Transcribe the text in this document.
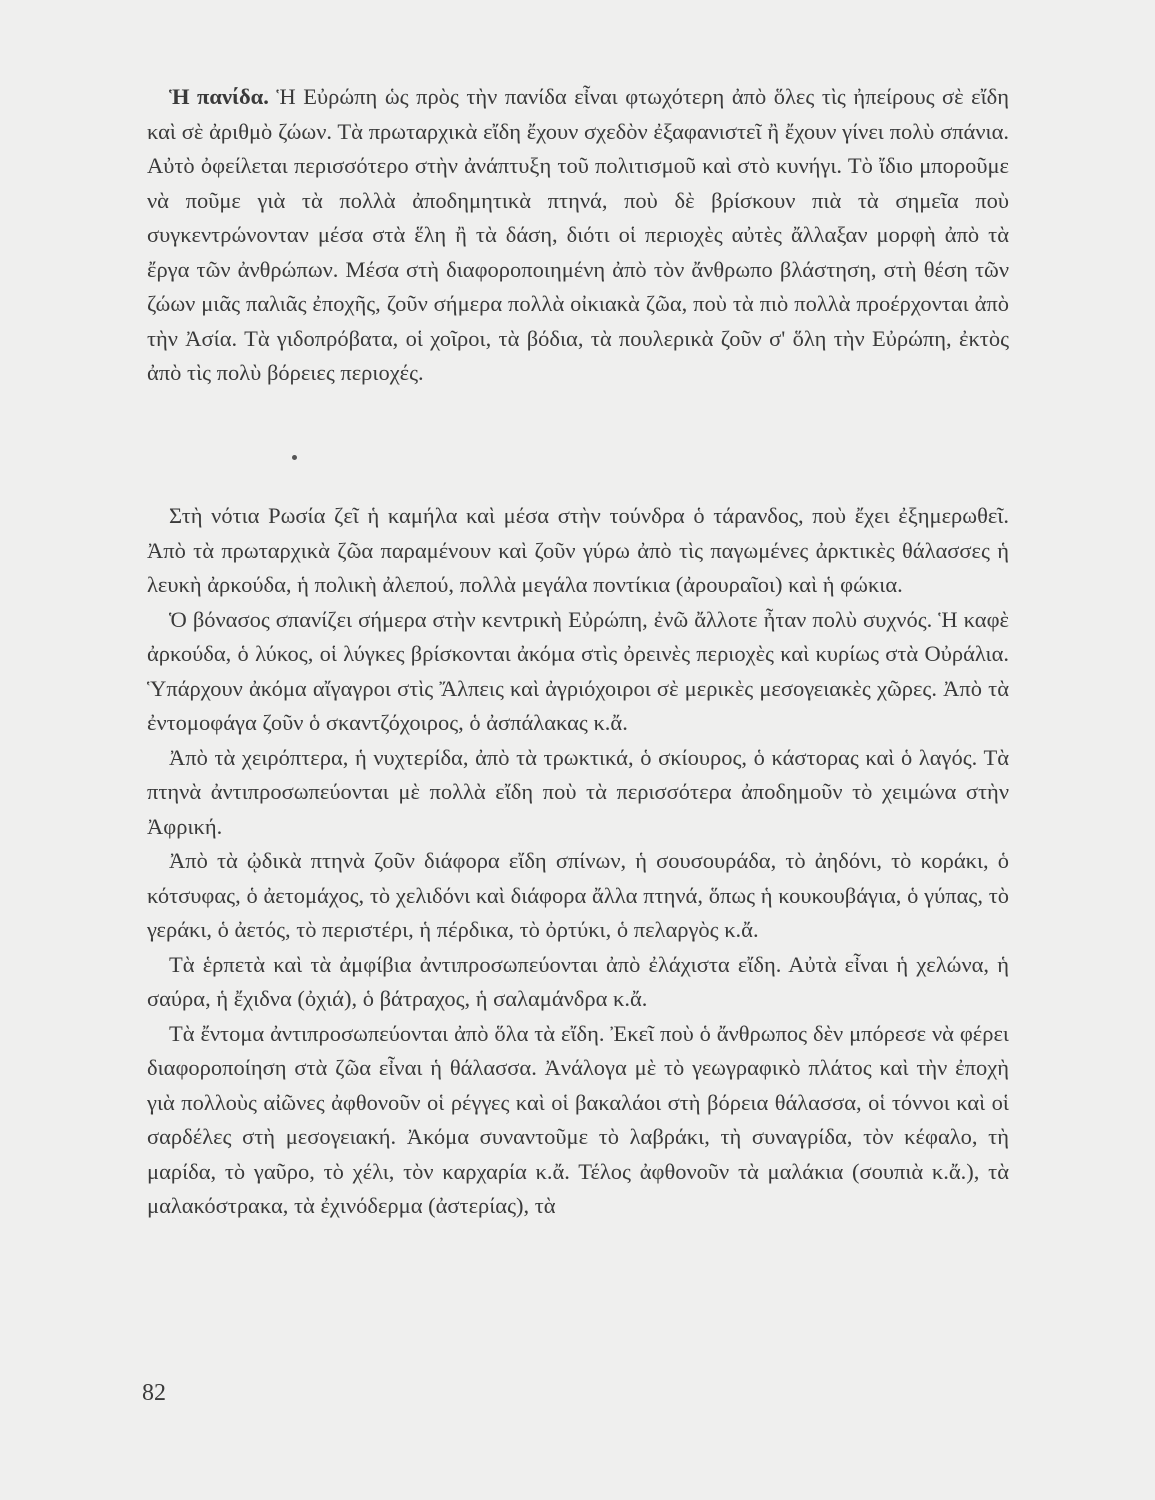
Ἡ πανίδα. Ἡ Εὐρώπη ὡς πρὸς τὴν πανίδα εἶναι φτωχότερη ἀπὸ ὅλες τὶς ἠπείρους σὲ εἴδη καὶ σὲ ἀριθμὸ ζώων. Τὰ πρωταρχικὰ εἴδη ἔχουν σχεδὸν ἐξαφανιστεῖ ἢ ἔχουν γίνει πολὺ σπάνια. Αὐτὸ ὀφείλεται περισσότερο στὴν ἀνάπτυξη τοῦ πολιτισμοῦ καὶ στὸ κυνήγι. Τὸ ἴδιο μποροῦμε νὰ ποῦμε γιὰ τὰ πολλὰ ἀποδημητικὰ πτηνά, ποὺ δὲ βρίσκουν πιὰ τὰ σημεῖα ποὺ συγκεντρώνονταν μέσα στὰ ἕλη ἢ τὰ δάση, διότι οἱ περιοχὲς αὐτὲς ἄλλαξαν μορφὴ ἀπὸ τὰ ἔργα τῶν ἀνθρώπων. Μέσα στὴ διαφοροποιημένη ἀπὸ τὸν ἄνθρωπο βλάστηση, στὴ θέση τῶν ζώων μιᾶς παλιᾶς ἐποχῆς, ζοῦν σήμερα πολλὰ οἰκιακὰ ζῶα, ποὺ τὰ πιὸ πολλὰ προέρχονται ἀπὸ τὴν Ἀσία. Τὰ γιδοπρόβατα, οἱ χοῖροι, τὰ βόδια, τὰ πουλερικὰ ζοῦν σ' ὅλη τὴν Εὐρώπη, ἐκτὸς ἀπὸ τὶς πολὺ βόρειες περιοχές.

Στὴ νότια Ρωσία ζεῖ ἡ καμήλα καὶ μέσα στὴν τούνδρα ὁ τάρανδος, ποὺ ἔχει ἐξημερωθεῖ. Ἀπὸ τὰ πρωταρχικὰ ζῶα παραμένουν καὶ ζοῦν γύρω ἀπὸ τὶς παγωμένες ἀρκτικὲς θάλασσες ἡ λευκὴ ἀρκούδα, ἡ πολικὴ ἀλεπού, πολλὰ μεγάλα ποντίκια (ἀρουραῖοι) καὶ ἡ φώκια.

Ὁ βόνασος σπανίζει σήμερα στὴν κεντρικὴ Εὐρώπη, ἐνῶ ἄλλοτε ἦταν πολὺ συχνός. Ἡ καφὲ ἀρκούδα, ὁ λύκος, οἱ λύγκες βρίσκονται ἀκόμα στὶς ὀρεινὲς περιοχὲς καὶ κυρίως στὰ Οὐράλια. Ὑπάρχουν ἀκόμα αἴγαγροι στὶς Ἄλπεις καὶ ἀγριόχοιροι σὲ μερικὲς μεσογειακὲς χῶρες. Ἀπὸ τὰ ἐντομοφάγα ζοῦν ὁ σκαντζόχοιρος, ὁ ἀσπάλακας κ.ἄ.

Ἀπὸ τὰ χειρόπτερα, ἡ νυχτερίδα, ἀπὸ τὰ τρωκτικά, ὁ σκίουρος, ὁ κάστορας καὶ ὁ λαγός. Τὰ πτηνὰ ἀντιπροσωπεύονται μὲ πολλὰ εἴδη ποὺ τὰ περισσότερα ἀποδημοῦν τὸ χειμώνα στὴν Ἀφρική.

Ἀπὸ τὰ ᾠδικὰ πτηνὰ ζοῦν διάφορα εἴδη σπίνων, ἡ σουσουράδα, τὸ ἀηδόνι, τὸ κοράκι, ὁ κότσυφας, ὁ ἀετομάχος, τὸ χελιδόνι καὶ διάφορα ἄλλα πτηνά, ὅπως ἡ κουκουβάγια, ὁ γύπας, τὸ γεράκι, ὁ ἀετός, τὸ περιστέρι, ἡ πέρδικα, τὸ ὀρτύκι, ὁ πελαργὸς κ.ἄ.

Τὰ ἑρπετὰ καὶ τὰ ἀμφίβια ἀντιπροσωπεύονται ἀπὸ ἐλάχιστα εἴδη. Αὐτὰ εἶναι ἡ χελώνα, ἡ σαύρα, ἡ ἔχιδνα (ὀχιά), ὁ βάτραχος, ἡ σαλαμάνδρα κ.ἄ.

Τὰ ἔντομα ἀντιπροσωπεύονται ἀπὸ ὅλα τὰ εἴδη. Ἐκεῖ ποὺ ὁ ἄνθρωπος δὲν μπόρεσε νὰ φέρει διαφοροποίηση στὰ ζῶα εἶναι ἡ θάλασσα. Ἀνάλογα μὲ τὸ γεωγραφικὸ πλάτος καὶ τὴν ἐποχὴ γιὰ πολλοὺς αἰῶνες ἀφθονοῦν οἱ ρέγγες καὶ οἱ βακαλάοι στὴ βόρεια θάλασσα, οἱ τόννοι καὶ οἱ σαρδέλες στὴ μεσογειακή. Ἀκόμα συναντοῦμε τὸ λαβράκι, τὴ συναγρίδα, τὸν κέφαλο, τὴ μαρίδα, τὸ γαῦρο, τὸ χέλι, τὸν καρχαρία κ.ἄ. Τέλος ἀφθονοῦν τὰ μαλάκια (σουπιὰ κ.ἄ.), τὰ μαλακόστρακα, τὰ ἐχινόδερμα (ἀστερίας), τὰ

82
